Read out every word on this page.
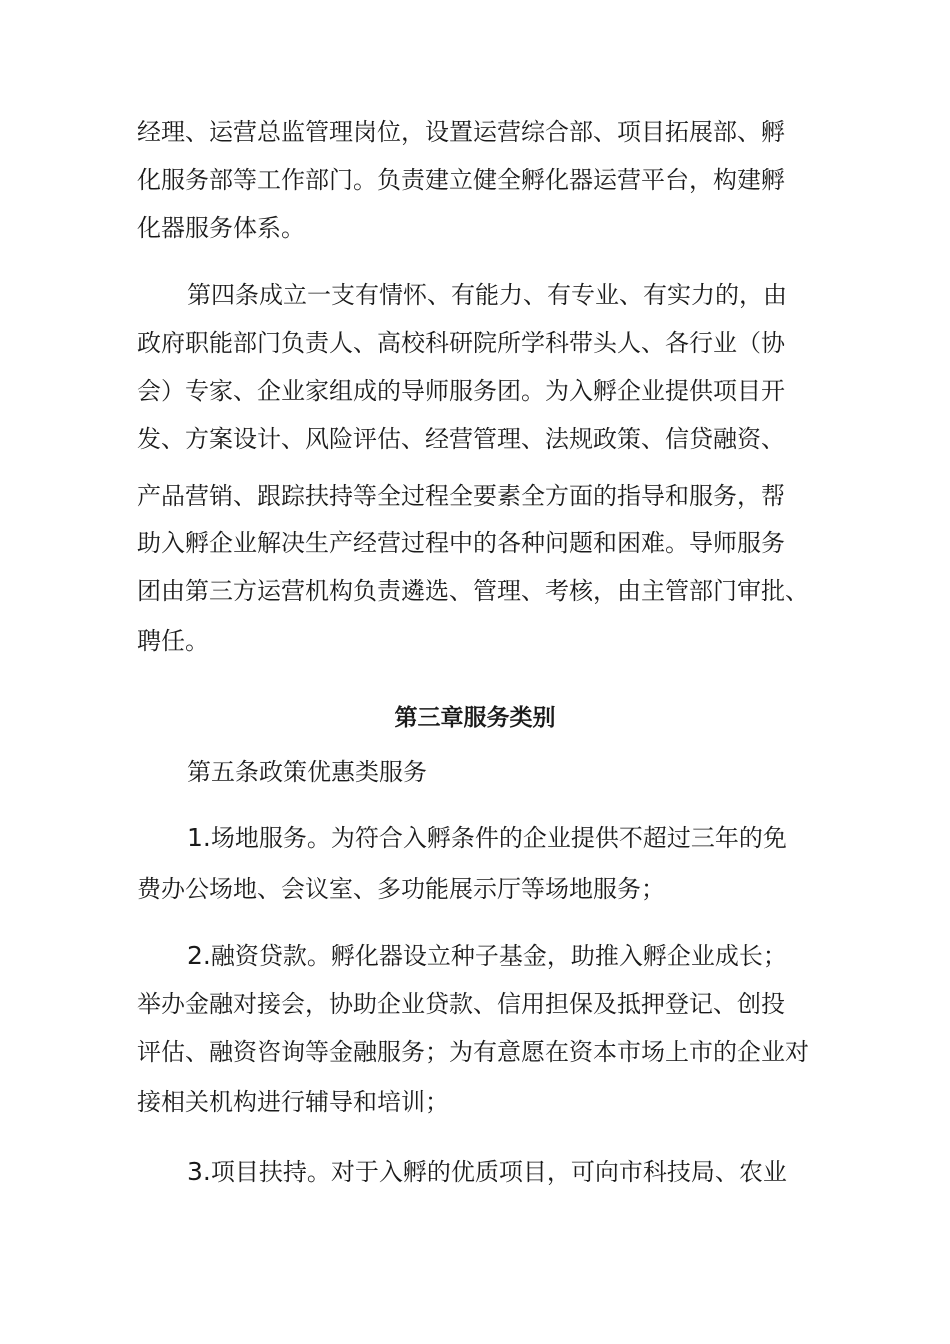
经理、运营总监管理岗位，设置运营综合部、项目拓展部、孵
化服务部等工作部门。负责建立健全孵化器运营平台，构建孵
化器服务体系。
第四条成立一支有情怀、有能力、有专业、有实力的，由
政府职能部门负责人、高校科研院所学科带头人、各行业（协
会）专家、企业家组成的导师服务团。为入孵企业提供项目开
发、方案设计、风险评估、经营管理、法规政策、信贷融资、
产品营销、跟踪扶持等全过程全要素全方面的指导和服务，帮
助入孵企业解决生产经营过程中的各种问题和困难。导师服务
团由第三方运营机构负责遴选、管理、考核，由主管部门审批、
聘任。
第三章服务类别
第五条政策优惠类服务
1.场地服务。为符合入孵条件的企业提供不超过三年的免
费办公场地、会议室、多功能展示厅等场地服务；
2.融资贷款。孵化器设立种子基金，助推入孵企业成长；
举办金融对接会，协助企业贷款、信用担保及抵押登记、创投
评估、融资咨询等金融服务；为有意愿在资本市场上市的企业对
接相关机构进行辅导和培训；
3.项目扶持。对于入孵的优质项目，可向市科技局、农业
